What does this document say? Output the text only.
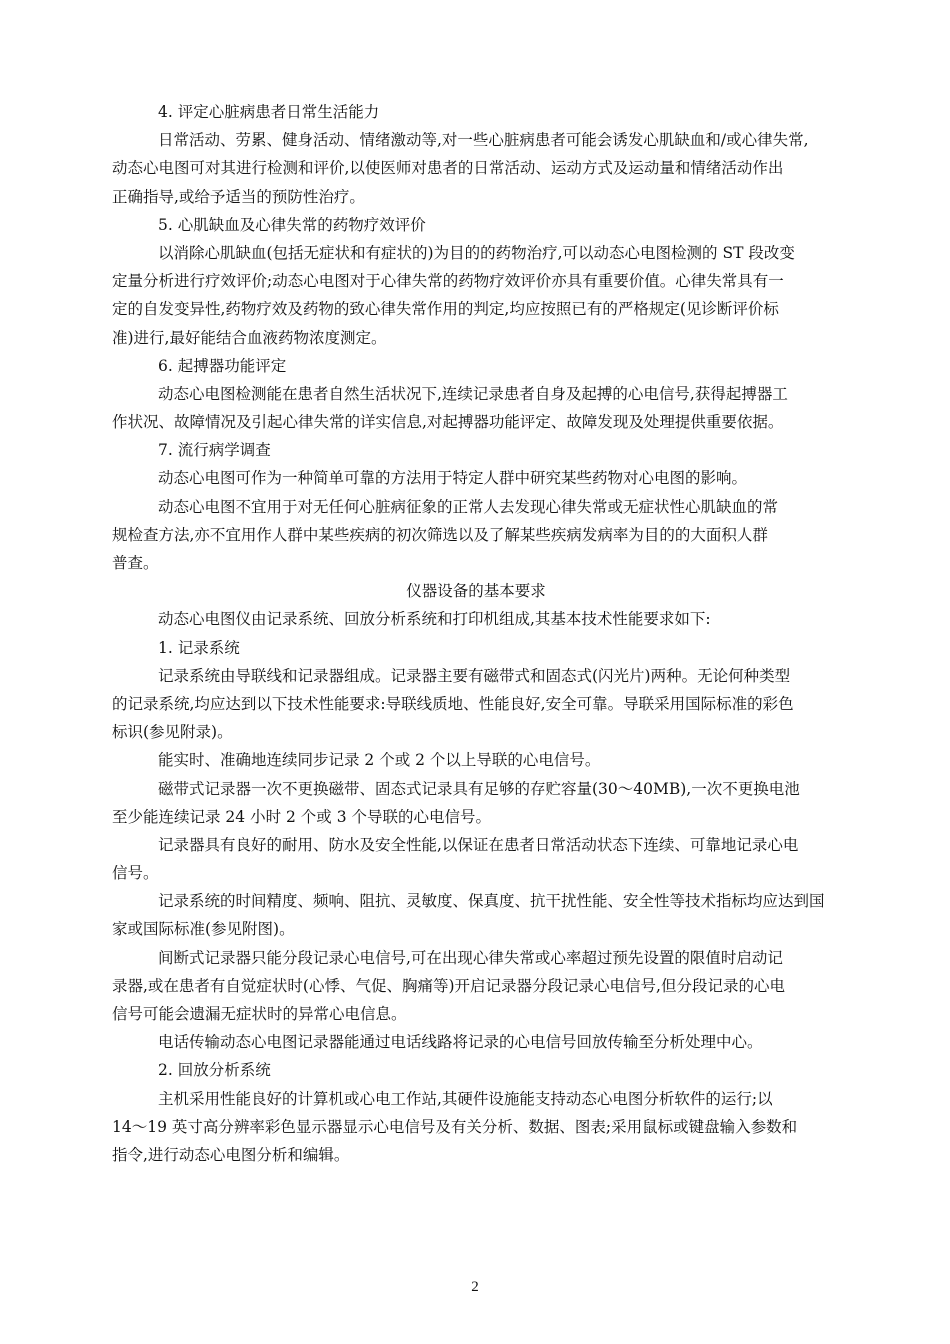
4. 评定心脏病患者日常生活能力
日常活动、劳累、健身活动、情绪激动等,对一些心脏病患者可能会诱发心肌缺血和/或心律失常,
动态心电图可对其进行检测和评价,以使医师对患者的日常活动、运动方式及运动量和情绪活动作出
正确指导,或给予适当的预防性治疗。
5. 心肌缺血及心律失常的药物疗效评价
以消除心肌缺血(包括无症状和有症状的)为目的的药物治疗,可以动态心电图检测的 ST 段改变
定量分析进行疗效评价;动态心电图对于心律失常的药物疗效评价亦具有重要价值。心律失常具有一
定的自发变异性,药物疗效及药物的致心律失常作用的判定,均应按照已有的严格规定(见诊断评价标
准)进行,最好能结合血液药物浓度测定。
6. 起搏器功能评定
动态心电图检测能在患者自然生活状况下,连续记录患者自身及起搏的心电信号,获得起搏器工
作状况、故障情况及引起心律失常的详实信息,对起搏器功能评定、故障发现及处理提供重要依据。
7. 流行病学调查
动态心电图可作为一种简单可靠的方法用于特定人群中研究某些药物对心电图的影响。
动态心电图不宜用于对无任何心脏病征象的正常人去发现心律失常或无症状性心肌缺血的常
规检查方法,亦不宜用作人群中某些疾病的初次筛选以及了解某些疾病发病率为目的的大面积人群
普查。
仪器设备的基本要求
动态心电图仪由记录系统、回放分析系统和打印机组成,其基本技术性能要求如下:
1. 记录系统
记录系统由导联线和记录器组成。记录器主要有磁带式和固态式(闪光片)两种。无论何种类型
的记录系统,均应达到以下技术性能要求:导联线质地、性能良好,安全可靠。导联采用国际标准的彩色
标识(参见附录)。
能实时、准确地连续同步记录 2 个或 2 个以上导联的心电信号。
磁带式记录器一次不更换磁带、固态式记录具有足够的存贮容量(30～40MB),一次不更换电池
至少能连续记录 24 小时 2 个或 3 个导联的心电信号。
记录器具有良好的耐用、防水及安全性能,以保证在患者日常活动状态下连续、可靠地记录心电
信号。
记录系统的时间精度、频响、阻抗、灵敏度、保真度、抗干扰性能、安全性等技术指标均应达到国
家或国际标准(参见附图)。
间断式记录器只能分段记录心电信号,可在出现心律失常或心率超过预先设置的限值时启动记
录器,或在患者有自觉症状时(心悸、气促、胸痛等)开启记录器分段记录心电信号,但分段记录的心电
信号可能会遗漏无症状时的异常心电信息。
电话传输动态心电图记录器能通过电话线路将记录的心电信号回放传输至分析处理中心。
2. 回放分析系统
主机采用性能良好的计算机或心电工作站,其硬件设施能支持动态心电图分析软件的运行;以
14～19 英寸高分辨率彩色显示器显示心电信号及有关分析、数据、图表;采用鼠标或键盘输入参数和
指令,进行动态心电图分析和编辑。
2
